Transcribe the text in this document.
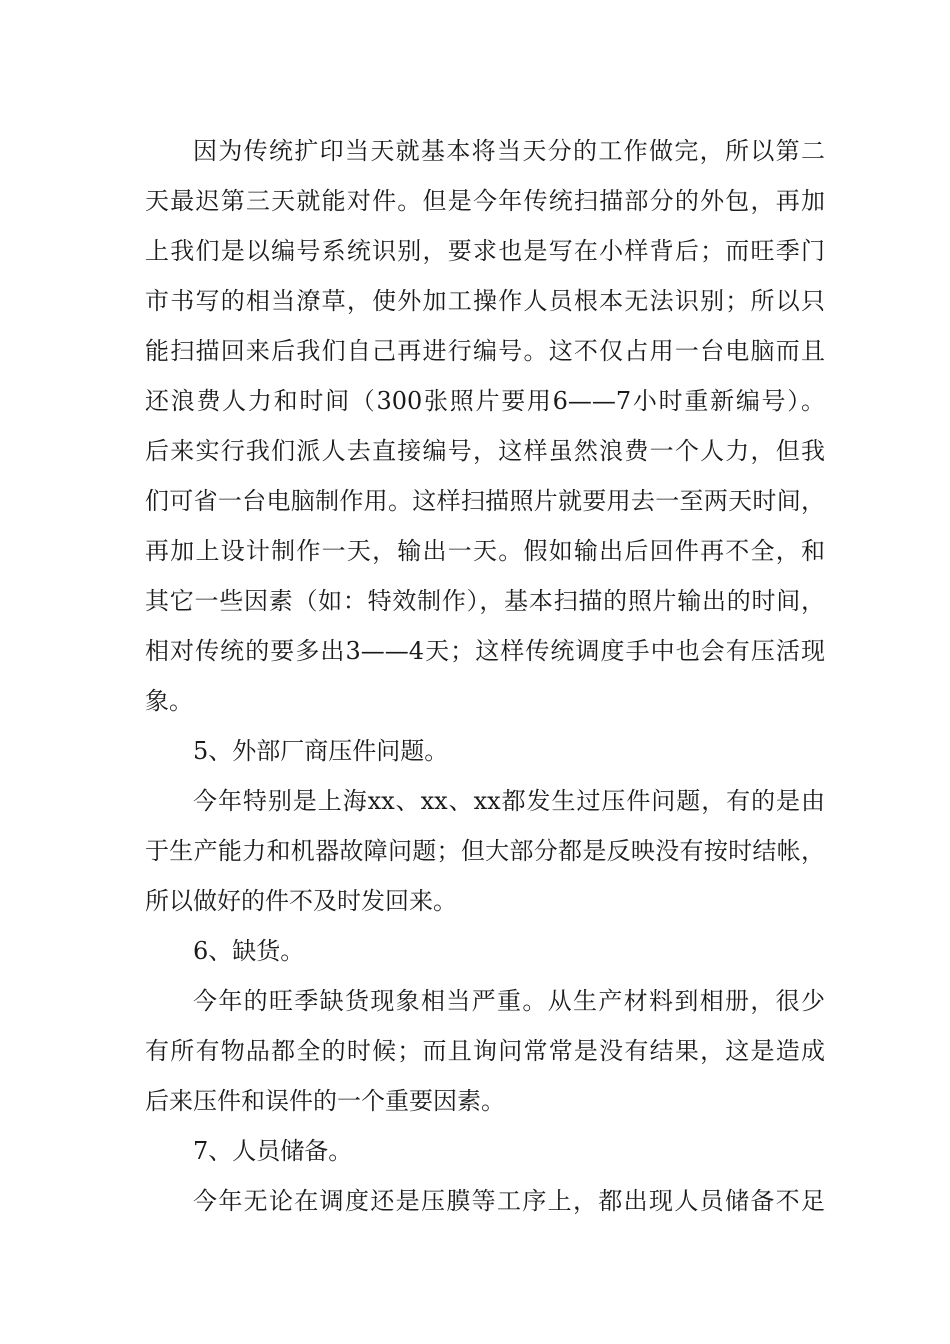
因为传统扩印当天就基本将当天分的工作做完，所以第二
天最迟第三天就能对件。但是今年传统扫描部分的外包，再加
上我们是以编号系统识别，要求也是写在小样背后；而旺季门
市书写的相当潦草，使外加工操作人员根本无法识别；所以只
能扫描回来后我们自己再进行编号。这不仅占用一台电脑而且
还浪费人力和时间（300张照片要用6——7小时重新编号）。
后来实行我们派人去直接编号，这样虽然浪费一个人力，但我
们可省一台电脑制作用。这样扫描照片就要用去一至两天时间，
再加上设计制作一天，输出一天。假如输出后回件再不全，和
其它一些因素（如：特效制作），基本扫描的照片输出的时间，
相对传统的要多出3——4天；这样传统调度手中也会有压活现
象。
5、外部厂商压件问题。
今年特别是上海xx、xx、xx都发生过压件问题，有的是由
于生产能力和机器故障问题；但大部分都是反映没有按时结帐，
所以做好的件不及时发回来。
6、缺货。
今年的旺季缺货现象相当严重。从生产材料到相册，很少
有所有物品都全的时候；而且询问常常是没有结果，这是造成
后来压件和误件的一个重要因素。
7、人员储备。
今年无论在调度还是压膜等工序上，都出现人员储备不足
